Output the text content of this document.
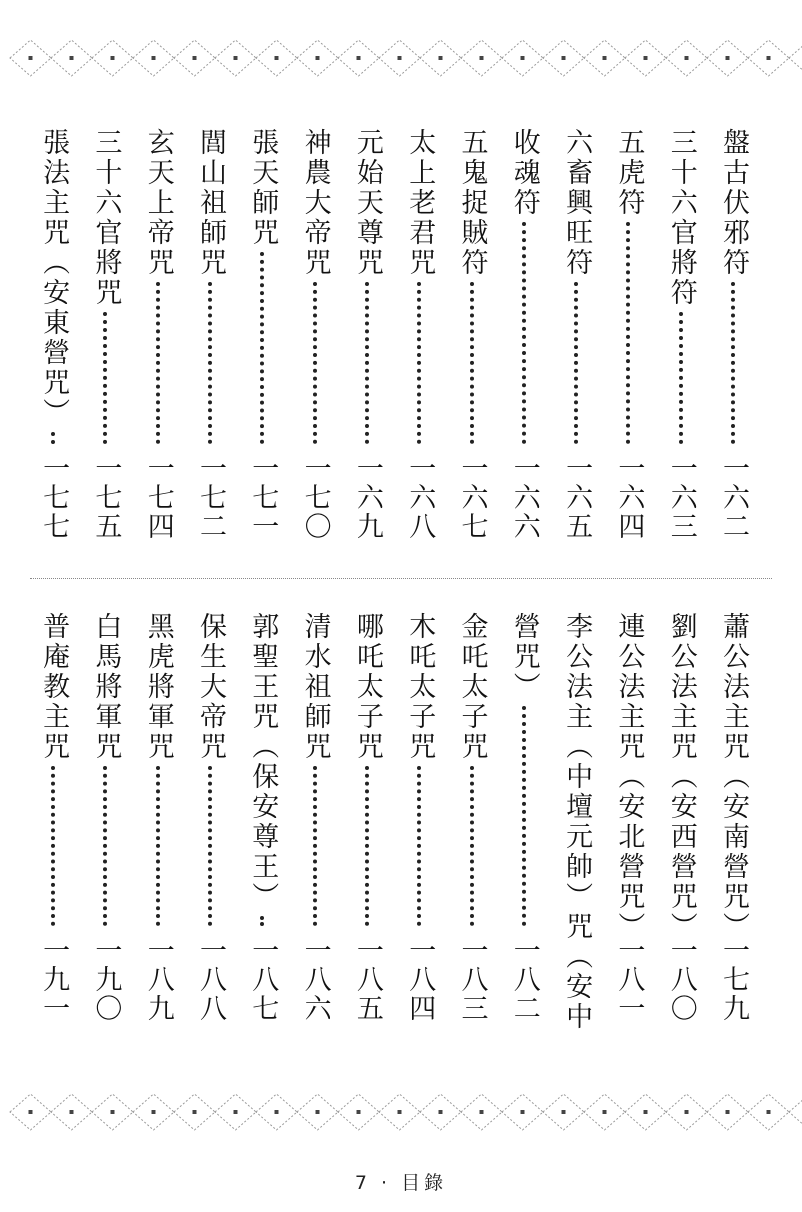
盤古伏邪符
一六二
三十六官將符
一六三
五虎符
一六四
六畜興旺符
一六五
收魂符
一六六
五鬼捉賊符
一六七
太上老君咒
一六八
元始天尊咒
一六九
神農大帝咒
一七〇
張天師咒
一七一
閭山祖師咒
一七二
玄天上帝咒
一七四
三十六官將咒
一七五
張法主咒（安東營咒）
一七七
蕭公法主咒（安南營咒）
一七九
劉公法主咒（安西營咒）
一八〇
連公法主咒（安北營咒）
一八一
李公法主（中壇元帥）咒（安中
營咒）
一八二
金吒太子咒
一八三
木吒太子咒
一八四
哪吒太子咒
一八五
清水祖師咒
一八六
郭聖王咒（保安尊王）
一八七
保生大帝咒
一八八
黑虎將軍咒
一八九
白馬將軍咒
一九〇
普庵教主咒
一九一
7 · 目錄
